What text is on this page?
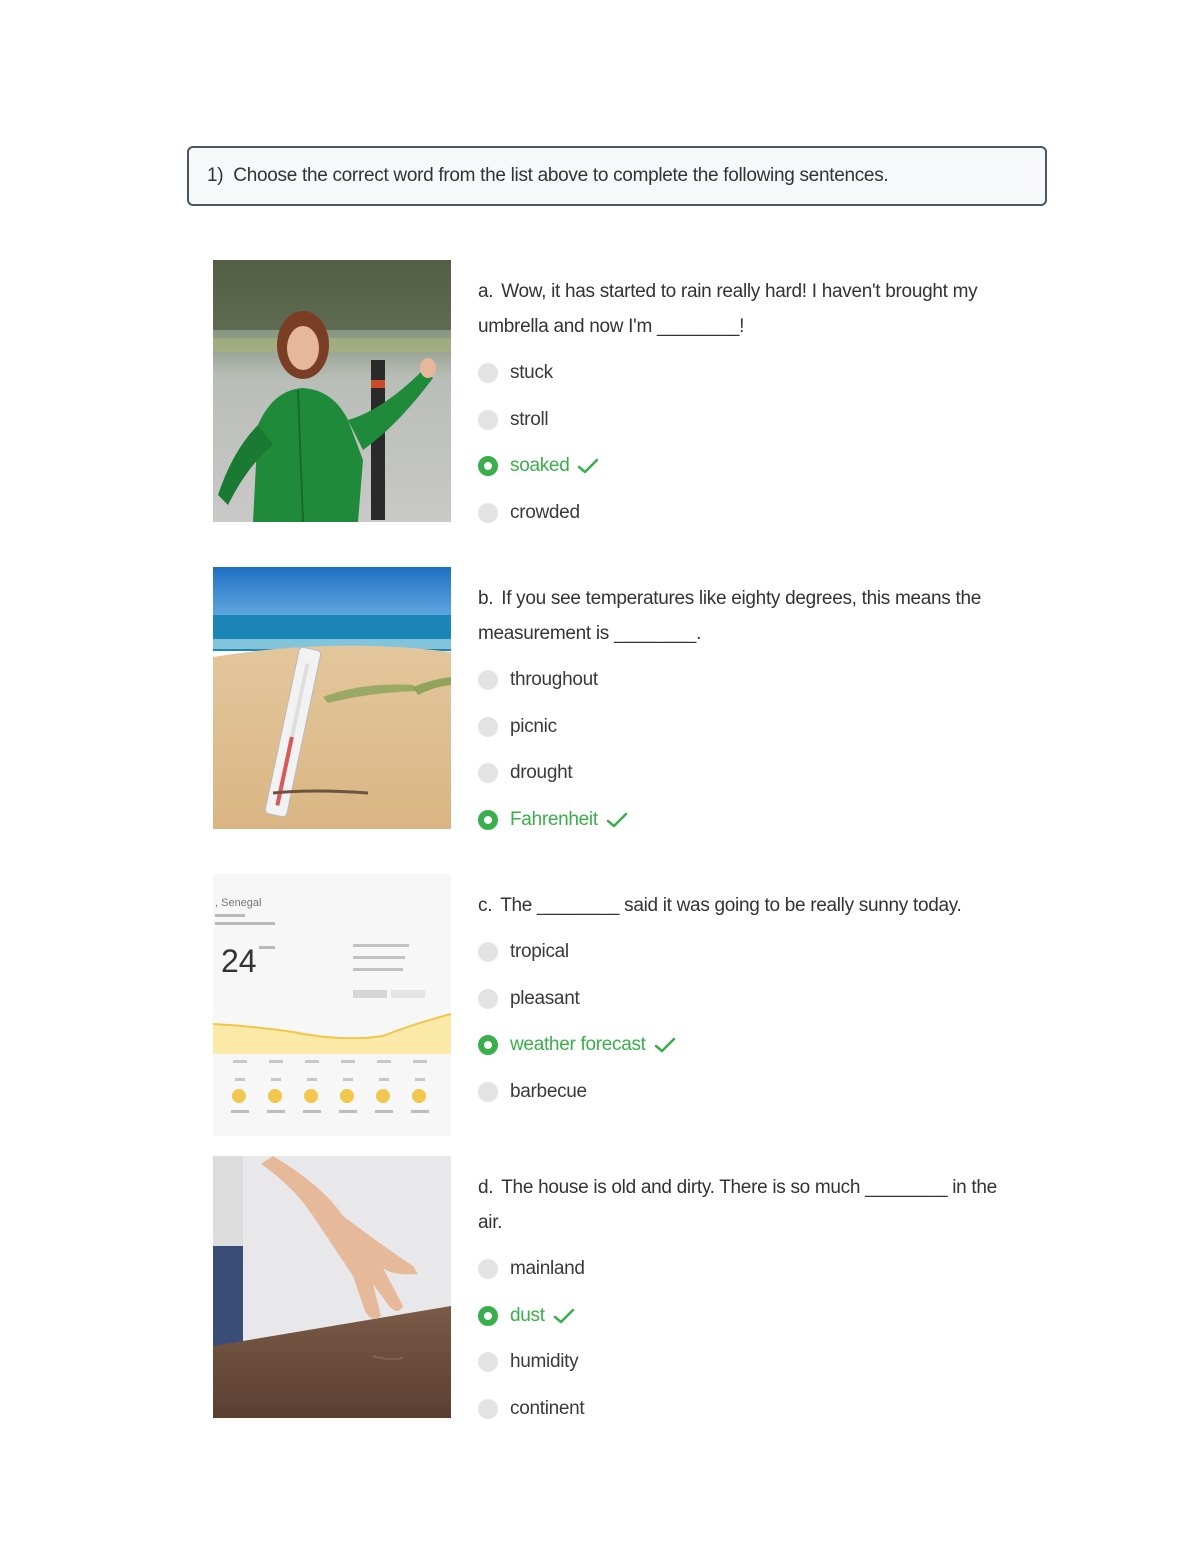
1) Choose the correct word from the list above to complete the following sentences.

a. Wow, it has started to rain really hard! I haven't brought my umbrella and now I'm ________!

stuck
stroll
soaked
crowded

b. If you see temperatures like eighty degrees, this means the measurement is ________.

throughout
picnic
drought
Fahrenheit
, Senegal
24

c. The ________ said it was going to be really sunny today.

tropical
pleasant
weather forecast
barbecue

d. The house is old and dirty. There is so much ________ in the air.

mainland
dust
humidity
continent
